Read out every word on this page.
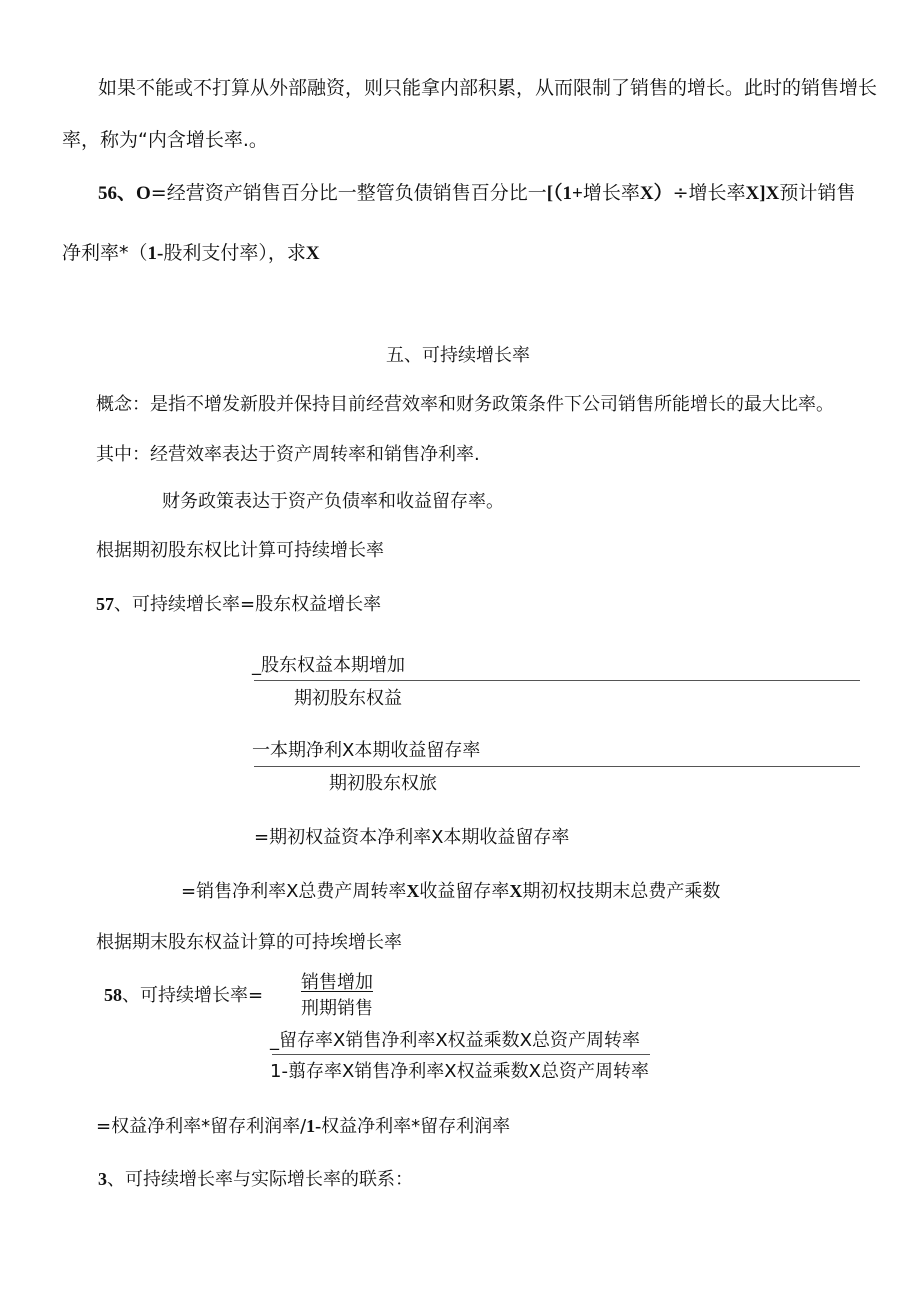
如果不能或不打算从外部融资，则只能拿内部积累，从而限制了销售的增长。此时的销售增长
率，称为“内含增长率.。
56、O=经营资产销售百分比一整管负债销售百分比一[（1+增长率X）÷增长率X]X预计销售
净利率*（1-股利支付率），求X
五、可持续增长率
概念：是指不增发新股并保持目前经营效率和财务政策条件下公司销售所能增长的最大比率。
其中：经营效率表达于资产周转率和销售净利率.
财务政策表达于资产负债率和收益留存率。
根据期初股东权比计算可持续增长率
57、可持续增长率=股东权益增长率
_股东权益本期增加
期初股东权益
一本期净利X本期收益留存率
期初股东权旅
=期初权益资本净利率X本期收益留存率
=销售净利率X总费产周转率X收益留存率X期初权技期末总费产乘数
根据期末股东权益计算的可持埃增长率
58、可持续增长率=
销售增加
刑期销售
_留存率X销售净利率X权益乘数X总资产周转率
1-翦存率X销售净利率X权益乘数X总资产周转率
=权益净利率*留存利润率/1-权益净利率*留存利润率
3、可持续增长率与实际增长率的联系：
